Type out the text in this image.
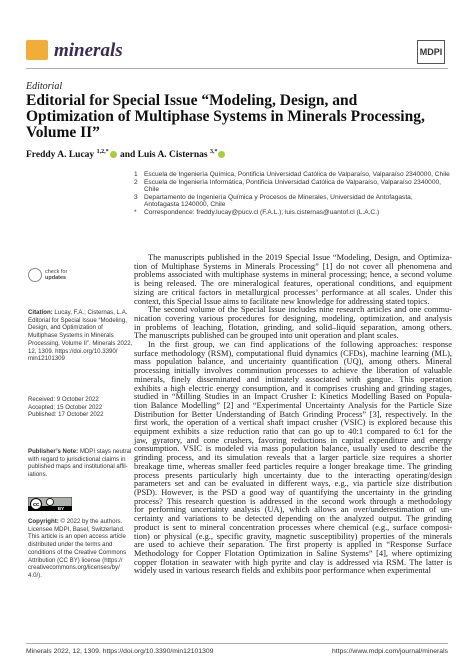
minerals	MDPI
Editorial
Editorial for Special Issue “Modeling, Design, and Optimization of Multiphase Systems in Minerals Processing, Volume II”
Freddy A. Lucay $^{1,2,*}$ and Luis A. Cisternas $^{3,*}$
1 Escuela de Ingeniería Química, Pontificia Universidad Católica de Valparaíso, Valparaíso 2340000, Chile
2 Escuela de Ingeniería Informática, Pontificia Universidad Católica de Valparaíso, Valparaíso 2340000, Chile
3 Departamento de Ingeniería Química y Procesos de Minerales, Universidad de Antofagasta,
Antofagasta 1240000, Chile
*	Correspondence: freddy.lucay@pucv.cl (F.A.L.); luis.cisternas@uantof.cl (L.A.C.)
check for
updates
Citation: Lucay, F.A.; Cisternas, L.A.
Editorial for Special Issue “Modeling,
Design, and Optimization of
Multiphase Systems in Minerals
Processing, Volume II”. Minerals 2022,
12, 1309. https://doi.org/10.3390/
min12101309
Received: 9 October 2022
Accepted: 15 October 2022
Published: 17 October 2022
Publisher’s Note: MDPI stays neutral
with regard to jurisdictional claims in
published maps and institutional affil-
iations.
cc
BY
Copyright: © 2022 by the authors.
Licensee MDPI, Basel, Switzerland.
This article is an open access article
distributed under the terms and
conditions of the Creative Commons
Attribution (CC BY) license (https://
creativecommons.org/licenses/by/
4.0/).

The manuscripts published in the 2019 Special Issue “Modeling, Design, and Optimiza-
tion of Multiphase Systems in Minerals Processing” [1] do not cover all phenomena and
problems associated with multiphase systems in mineral processing; hence, a second volume
is being released. The ore mineralogical features, operational conditions, and equipment
sizing are critical factors in metallurgical processes’ performance at all scales. Under this
context, this Special Issue aims to facilitate new knowledge for addressing stated topics.

The second volume of the Special Issue includes nine research articles and one commu-
nication covering various procedures for designing, modeling, optimization, and analysis
in problems of leaching, flotation, grinding, and solid–liquid separation, among others.
The manuscripts published can be grouped into unit operation and plant scales.

In the first group, we can find applications of the following approaches: response
surface methodology (RSM), computational fluid dynamics (CFDs), machine learning (ML),
mass population balance, and uncertainty quantification (UQ), among others. Mineral
processing initially involves comminution processes to achieve the liberation of valuable
minerals, finely disseminated and intimately associated with gangue. This operation
exhibits a high electric energy consumption, and it comprises crushing and grinding stages,
studied in “Milling Studies in an Impact Crusher I: Kinetics Modelling Based on Popula-
tion Balance Modelling” [2] and “Experimental Uncertainty Analysis for the Particle Size
Distribution for Better Understanding of Batch Grinding Process” [3], respectively. In the
first work, the operation of a vertical shaft impact crusher (VSIC) is explored because this
equipment exhibits a size reduction ratio that can go up to 40:1 compared to 6:1 for the
jaw, gyratory, and cone crushers, favoring reductions in capital expenditure and energy
consumption. VSIC is modeled via mass population balance, usually used to describe the
grinding process, and its simulation reveals that a larger particle size requires a shorter
breakage time, whereas smaller feed particles require a longer breakage time. The grinding
process presents particularly high uncertainty due to the interacting operating/design
parameters set and can be evaluated in different ways, e.g., via particle size distribution
(PSD). However, is the PSD a good way of quantifying the uncertainty in the grinding
process? This research question is addressed in the second work through a methodology
for performing uncertainty analysis (UA), which allows an over/underestimation of un-
certainty and variations to be detected depending on the analyzed output. The grinding
product is sent to mineral concentration processes where chemical (e.g., surface composi-
tion) or physical (e.g., specific gravity, magnetic susceptibility) properties of the minerals
are used to achieve their separation. The first property is applied in “Response Surface
Methodology for Copper Flotation Optimization in Saline Systems” [4], where optimizing
copper flotation in seawater with high pyrite and clay is addressed via RSM. The latter is
widely used in various research fields and exhibits poor performance when experimental

Minerals 2022, 12, 1309. https://doi.org/10.3390/min12101309	https://www.mdpi.com/journal/minerals
